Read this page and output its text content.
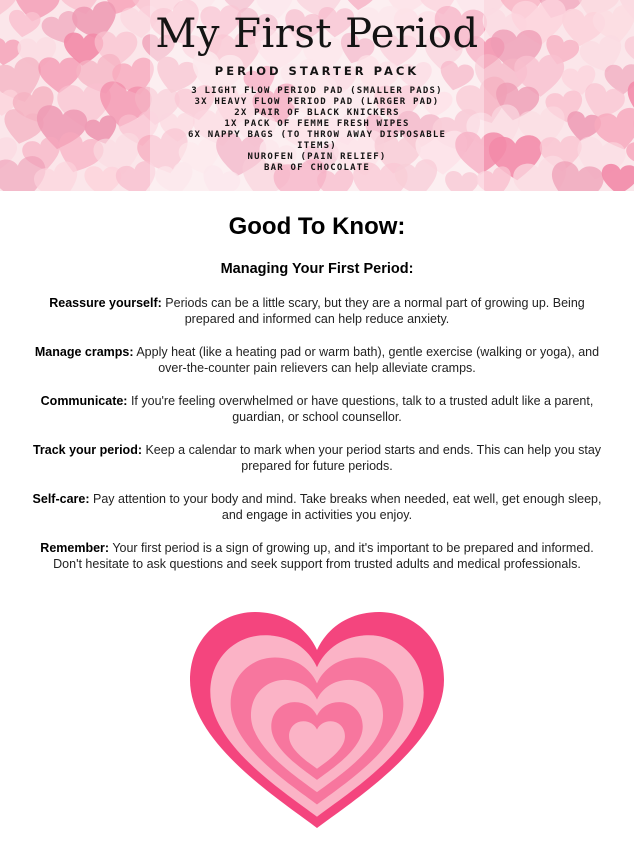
My First Period
PERIOD STARTER PACK
3 LIGHT FLOW PERIOD PAD (SMALLER PADS)
3X HEAVY FLOW PERIOD PAD (LARGER PAD)
2X PAIR OF BLACK KNICKERS
1X PACK OF FEMME FRESH WIPES
6X NAPPY BAGS (TO THROW AWAY DISPOSABLE ITEMS)
NUROFEN (PAIN RELIEF)
BAR OF CHOCOLATE
Good To Know:
Managing Your First Period:

Reassure yourself: Periods can be a little scary, but they are a normal part of growing up. Being prepared and informed can help reduce anxiety.

Manage cramps: Apply heat (like a heating pad or warm bath), gentle exercise (walking or yoga), and over-the-counter pain relievers can help alleviate cramps.

Communicate: If you're feeling overwhelmed or have questions, talk to a trusted adult like a parent, guardian, or school counsellor.

Track your period: Keep a calendar to mark when your period starts and ends. This can help you stay prepared for future periods.

Self-care: Pay attention to your body and mind. Take breaks when needed, eat well, get enough sleep, and engage in activities you enjoy.

Remember: Your first period is a sign of growing up, and it's important to be prepared and informed. Don't hesitate to ask questions and seek support from trusted adults and medical professionals.
